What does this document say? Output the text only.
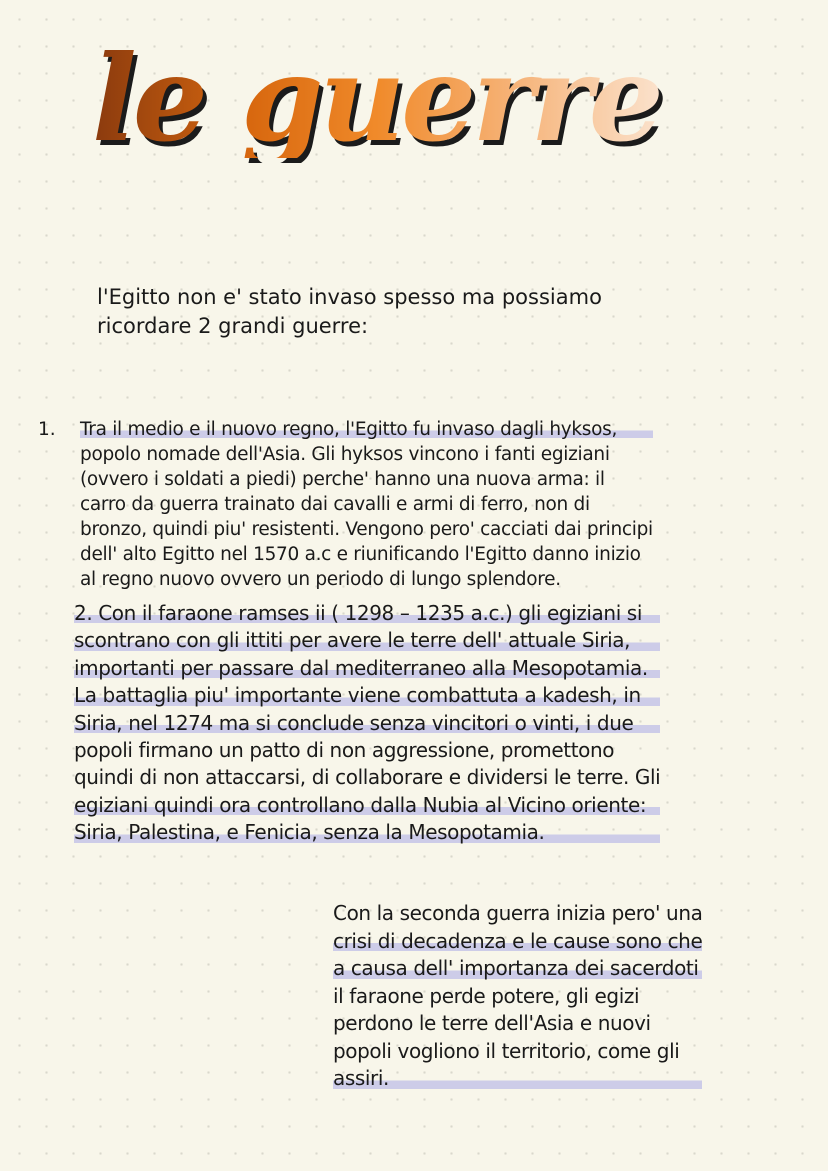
le guerre
l'Egitto non e' stato invaso spesso ma possiamo
ricordare 2 grandi guerre:
1. Tra il medio e il nuovo regno, l'Egitto fu invaso dagli hyksos,
popolo nomade dell'Asia. Gli hyksos vincono i fanti egiziani
(ovvero i soldati a piedi) perche' hanno una nuova arma: il
carro da guerra trainato dai cavalli e armi di ferro, non di
bronzo, quindi piu' resistenti. Vengono pero' cacciati dai principi
dell' alto Egitto nel 1570 a.c e riunificando l'Egitto danno inizio
al regno nuovo ovvero un periodo di lungo splendore.
2. Con il faraone ramses ii ( 1298 – 1235 a.c.) gli egiziani si
scontrano con gli ittiti per avere le terre dell' attuale Siria,
importanti per passare dal mediterraneo alla Mesopotamia.
La battaglia piu' importante viene combattuta a kadesh, in
Siria, nel 1274 ma si conclude senza vincitori o vinti, i due
popoli firmano un patto di non aggressione, promettono
quindi di non attaccarsi, di collaborare e dividersi le terre. Gli
egiziani quindi ora controllano dalla Nubia al Vicino oriente:
Siria, Palestina, e Fenicia, senza la Mesopotamia.
Con la seconda guerra inizia pero' una
crisi di decadenza e le cause sono che
a causa dell' importanza dei sacerdoti
il faraone perde potere, gli egizi
perdono le terre dell'Asia e nuovi
popoli vogliono il territorio, come gli
assiri.
